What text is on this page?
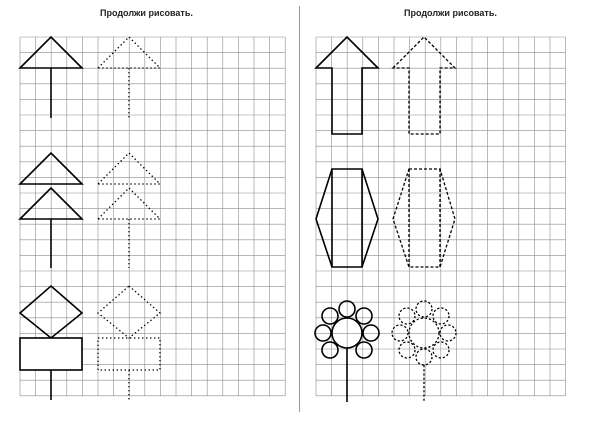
Продолжи рисовать.	Продолжи рисовать.
